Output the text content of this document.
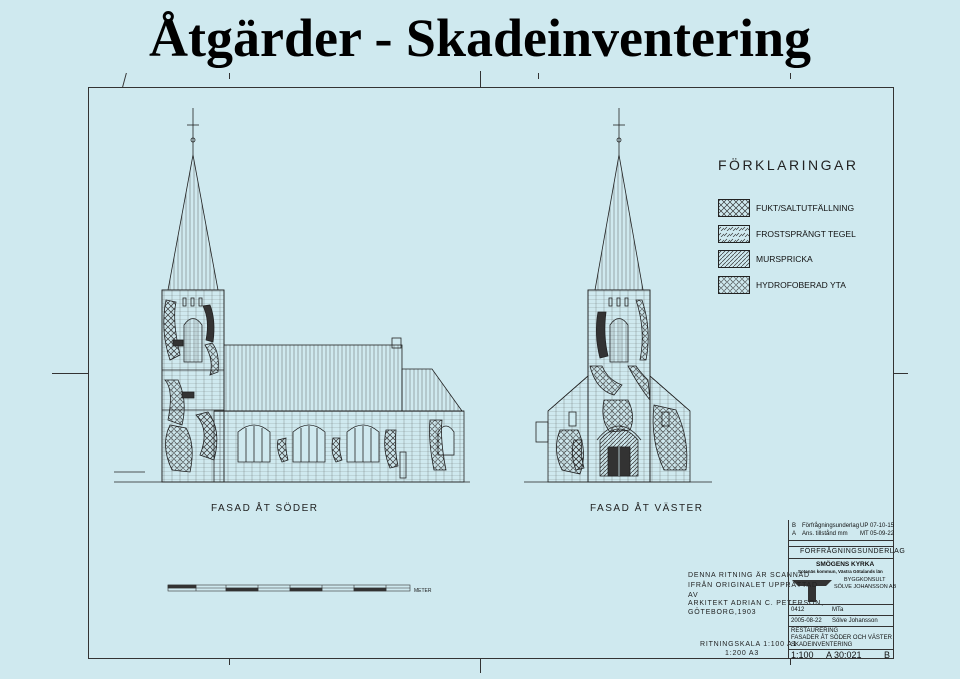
Åtgärder - Skadeinventering
FÖRKLARINGAR
FUKT/SALTUTFÄLLNING
FROSTSPRÄNGT TEGEL
MURSPRICKA
HYDROFOBERAD YTA
FASAD ÅT SÖDER	FASAD ÅT VÄSTER
METER
DENNA RITNING ÄR SCANNAD
IFRÅN ORIGINALET UPPRÄTTAD
AV
ARKITEKT ADRIAN C. PETERSON,
GÖTEBORG,1903
RITNINGSKALA 1:100 A1
1:200 A3
B Förfrågningsunderlag UP 07-10-15
A Ans. tillstånd mm MT 05-09-22
FÖRFRÅGNINGSUNDERLAG
SMÖGENS KYRKA
Sotenäs kommun, Västra Götalands län
BYGGKONSULT
SÖLVE JOHANSSON AB
0412	MTa
2005-08-22 Sölve Johansson
RESTAURERING
FASADER ÅT SÖDER OCH VÄSTER
SKADEINVENTERING
1:100 A 30:021 B
